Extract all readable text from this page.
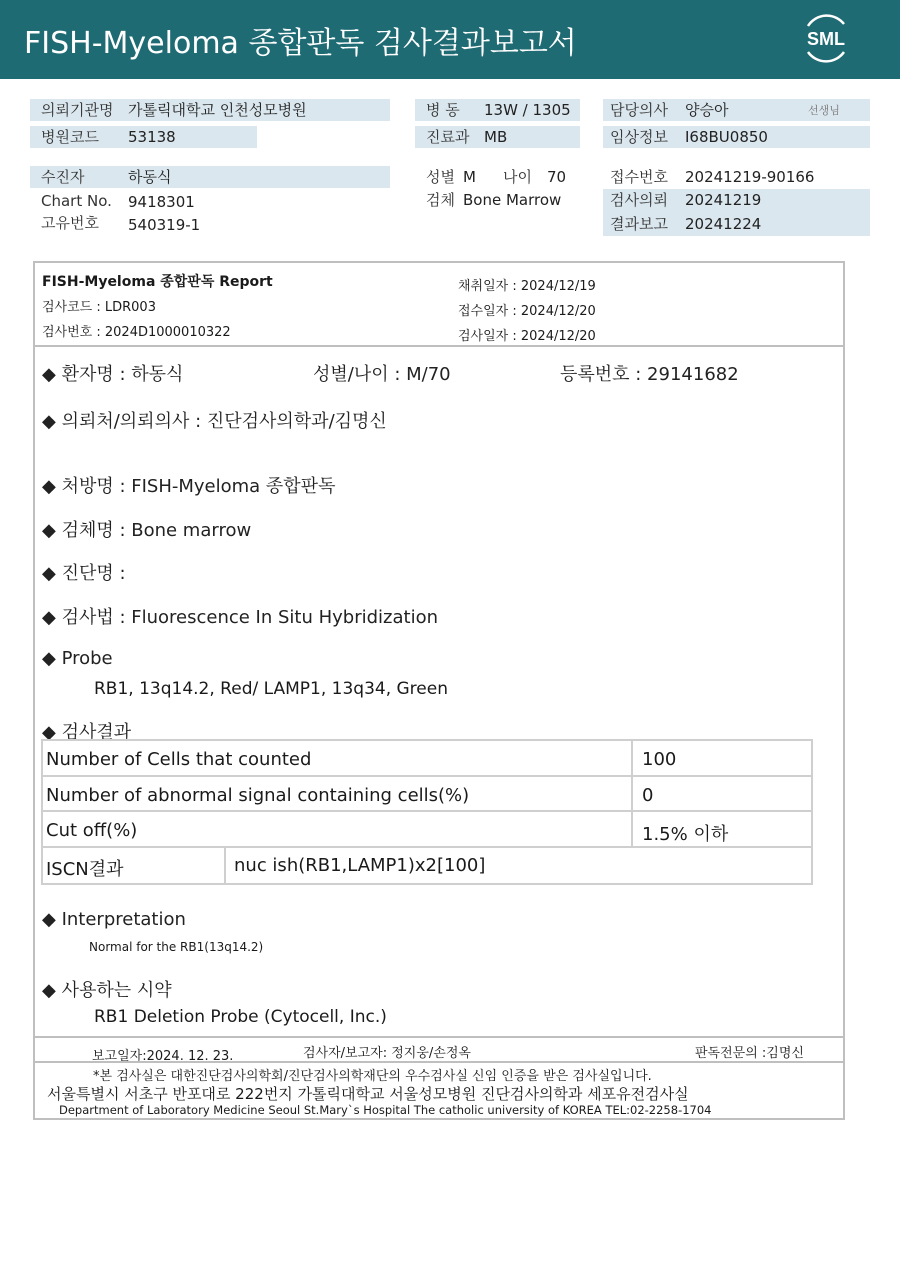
FISH-Myeloma 종합판독 검사결과보고서	SML
의뢰기관명 가톨릭대학교 인천성모병원
병원코드 53138
병 동 13W / 1305
진료과 MB
담당의사 양승아	선생님
임상정보 I68BU0850
수진자	하동식
Chart No. 9418301
고유번호 540319-1
성별 M 나이 70
검체 Bone Marrow
접수번호 20241219-90166
검사의뢰 20241219
결과보고 20241224
FISH-Myeloma 종합판독 Report
검사코드 : LDR003
검사번호 : 2024D1000010322
채취일자 : 2024/12/19
접수일자 : 2024/12/20
검사일자 : 2024/12/20
◆ 환자명 : 하동식	성별/나이 : M/70	등록번호 : 29141682
◆ 의뢰처/의뢰의사 : 진단검사의학과/김명신
◆ 처방명 : FISH-Myeloma 종합판독
◆ 검체명 : Bone marrow
◆ 진단명 :
◆ 검사법 : Fluorescence In Situ Hybridization
◆ Probe
RB1, 13q14.2, Red/ LAMP1, 13q34, Green
◆ 검사결과
Number of Cells that counted	100
Number of abnormal signal containing cells(%)	0
Cut off(%)	1.5% 이하
ISCN결과	nuc ish(RB1,LAMP1)x2[100]
◆ Interpretation
Normal for the RB1(13q14.2)
◆ 사용하는 시약
RB1 Deletion Probe (Cytocell, Inc.)
보고일자:2024. 12. 23.	검사자/보고자: 정지웅/손정옥	판독전문의 :김명신
*본 검사실은 대한진단검사의학회/진단검사의학재단의 우수검사실 신임 인증을 받은 검사실입니다.
서울특별시 서초구 반포대로 222번지 가톨릭대학교 서울성모병원 진단검사의학과 세포유전검사실
Department of Laboratory Medicine Seoul St.Mary`s Hospital The catholic university of KOREA TEL:02-2258-1704
